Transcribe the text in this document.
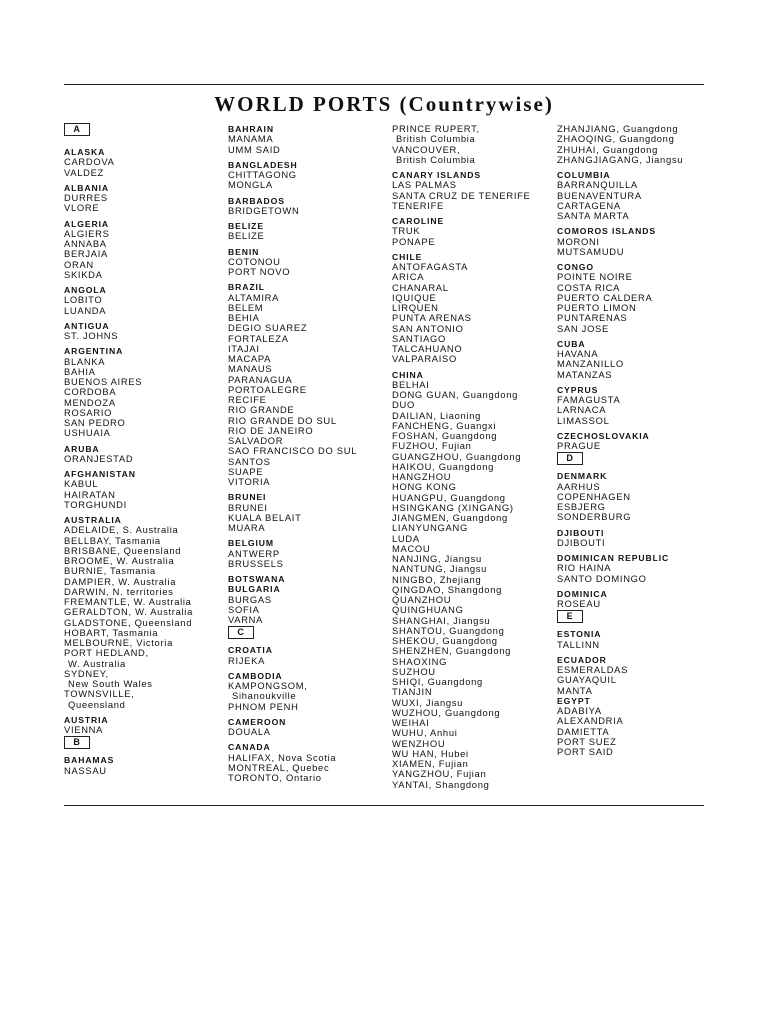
WORLD PORTS (Countrywise)
A
ALASKA
CARDOVA
VALDEZ
ALBANIA
DURRES
VLORE
ALGERIA
ALGIERS
ANNABA
BERJAIA
ORAN
SKIKDA
ANGOLA
LOBITO
LUANDA
ANTIGUA
ST. JOHNS
ARGENTINA
BLANKA
BAHIA
BUENOS AIRES
CORDOBA
MENDOZA
ROSARIO
SAN PEDRO
USHUAIA
ARUBA
ORANJESTAD
AFGHANISTAN
KABUL
HAIRATAN
TORGHUNDI
AUSTRALIA
ADELAIDE, S. Australia
BELLBAY, Tasmania
BRISBANE, Queensland
BROOME, W. Australia
BURNIE, Tasmania
DAMPIER, W. Australia
DARWIN, N. territories
FREMANTLE, W. Australia
GERALDTON, W. Australia
GLADSTONE, Queensland
HOBART, Tasmania
MELBOURNE, Victoria
PORT HEDLAND,
W. Australia
SYDNEY,
New South Wales
TOWNSVILLE,
Queensland
AUSTRIA
VIENNA
B
BAHAMAS
NASSAU
BAHRAIN
MANAMA
UMM SAID
BANGLADESH
CHITTAGONG
MONGLA
BARBADOS
BRIDGETOWN
BELIZE
BELIZE
BENIN
COTONOU
PORT NOVO
BRAZIL
ALTAMIRA
BELEM
BEHIA
DEGIO SUAREZ
FORTALEZA
ITAJAI
MACAPA
MANAUS
PARANAGUA
PORTOALEGRE
RECIFE
RIO GRANDE
RIO GRANDE DO SUL
RIO DE JANEIRO
SALVADOR
SAO FRANCISCO DO SUL
SANTOS
SUAPE
VITORIA
BRUNEI
BRUNEI
KUALA BELAIT
MUARA
BELGIUM
ANTWERP
BRUSSELS
BOTSWANA
BULGARIA
BURGAS
SOFIA
VARNA
C
CROATIA
RIJEKA
CAMBODIA
KAMPONGSOM,
Sihanoukville
PHNOM PENH
CAMEROON
DOUALA
CANADA
HALIFAX, Nova Scotia
MONTREAL, Quebec
TORONTO, Ontario
PRINCE RUPERT,
British Columbia
VANCOUVER,
British Columbia
CANARY ISLANDS
LAS PALMAS
SANTA CRUZ DE TENERIFE
TENERIFE
CAROLINE
TRUK
PONAPE
CHILE
ANTOFAGASTA
ARICA
CHANARAL
IQUIQUE
LIRQUEN
PUNTA ARENAS
SAN ANTONIO
SANTIAGO
TALCAHUANO
VALPARAISO
CHINA
BELHAI
DONG GUAN, Guangdong
DUO
DAILIAN, Liaoning
FANCHENG, Guangxi
FOSHAN, Guangdong
FUZHOU, Fujian
GUANGZHOU, Guangdong
HAIKOU, Guangdong
HANGZHOU
HONG KONG
HUANGPU, Guangdong
HSINGKANG (XINGANG)
JIANGMEN, Guangdong
LIANYUNGANG
LUDA
MACOU
NANJING, Jiangsu
NANTUNG, Jiangsu
NINGBO, Zhejiang
QINGDAO, Shangdong
QUANZHOU
QUINGHUANG
SHANGHAI, Jiangsu
SHANTOU, Guangdong
SHEKOU, Guangdong
SHENZHEN, Guangdong
SHAOXING
SUZHOU
SHIQI, Guangdong
TIANJIN
WUXI, Jiangsu
WUZHOU, Guangdong
WEIHAI
WUHU, Anhui
WENZHOU
WU HAN, Hubei
XIAMEN, Fujian
YANGZHOU, Fujian
YANTAI, Shangdong
ZHANJIANG, Guangdong
ZHAOQING, Guangdong
ZHUHAI, Guangdong
ZHANGJIAGANG, Jiangsu
COLUMBIA
BARRANQUILLA
BUENAVENTURA
CARTAGENA
SANTA MARTA
COMOROS ISLANDS
MORONI
MUTSAMUDU
CONGO
POINTE NOIRE
COSTA RICA
PUERTO CALDERA
PUERTO LIMON
PUNTARENAS
SAN JOSE
CUBA
HAVANA
MANZANILLO
MATANZAS
CYPRUS
FAMAGUSTA
LARNACA
LIMASSOL
CZECHOSLOVAKIA
PRAGUE
D
DENMARK
AARHUS
COPENHAGEN
ESBJERG
SONDERBURG
DJIBOUTI
DJIBOUTI
DOMINICAN REPUBLIC
RIO HAINA
SANTO DOMINGO
DOMINICA
ROSEAU
E
ESTONIA
TALLINN
ECUADOR
ESMERALDAS
GUAYAQUIL
MANTA
EGYPT
ADABIYA
ALEXANDRIA
DAMIETTA
PORT SUEZ
PORT SAID
